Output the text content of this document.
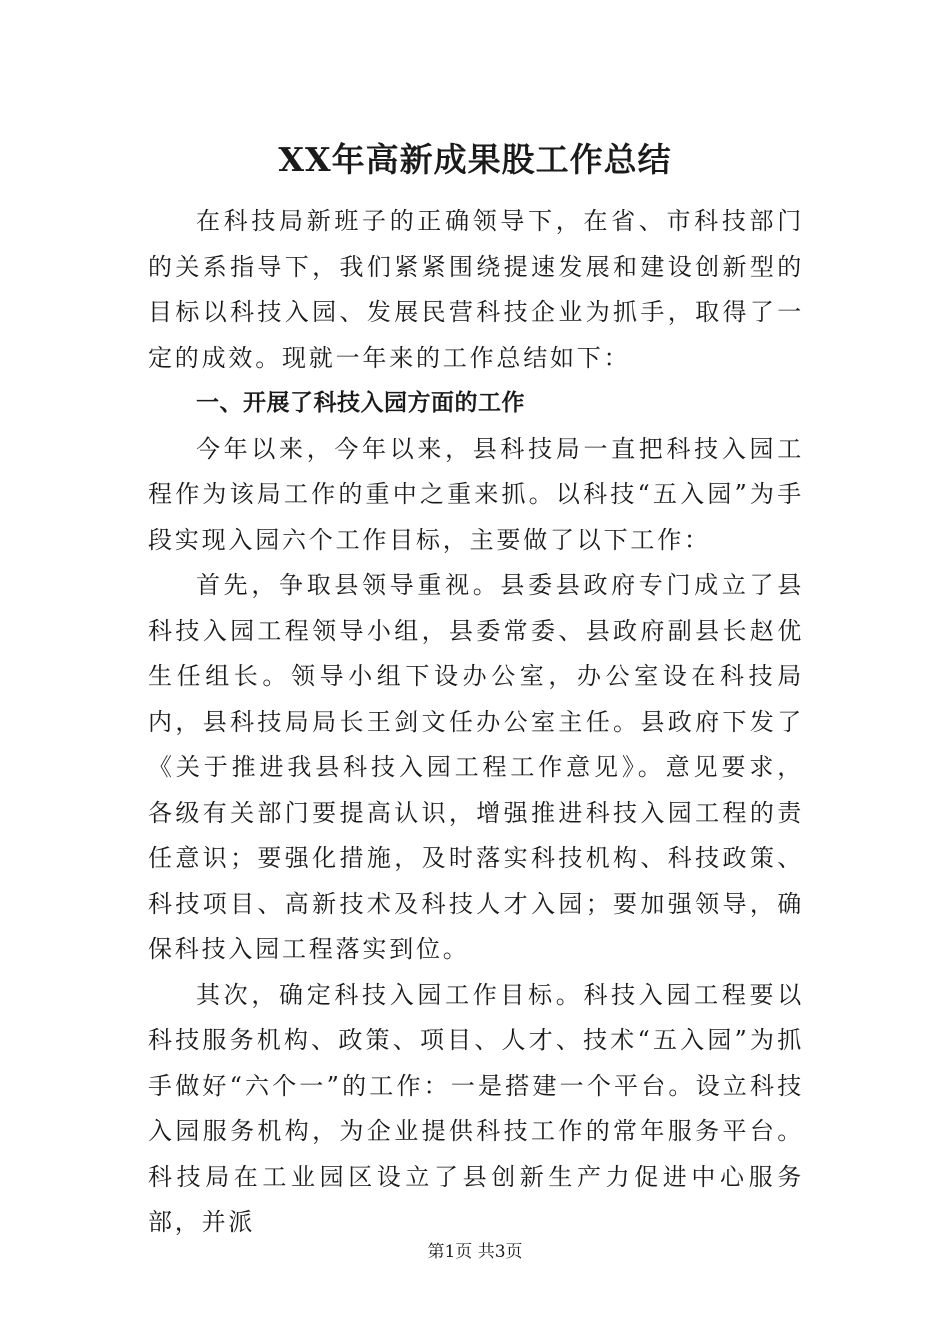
XX年高新成果股工作总结

在科技局新班子的正确领导下，在省、市科技部门的关系指导下，我们紧紧围绕提速发展和建设创新型的目标以科技入园、发展民营科技企业为抓手，取得了一定的成效。现就一年来的工作总结如下：

一、开展了科技入园方面的工作

今年以来，今年以来，县科技局一直把科技入园工程作为该局工作的重中之重来抓。以科技“五入园”为手段实现入园六个工作目标，主要做了以下工作：

首先，争取县领导重视。县委县政府专门成立了县科技入园工程领导小组，县委常委、县政府副县长赵优生任组长。领导小组下设办公室，办公室设在科技局内，县科技局局长王剑文任办公室主任。县政府下发了《关于推进我县科技入园工程工作意见》。意见要求，各级有关部门要提高认识，增强推进科技入园工程的责任意识；要强化措施，及时落实科技机构、科技政策、科技项目、高新技术及科技人才入园；要加强领导，确保科技入园工程落实到位。

其次，确定科技入园工作目标。科技入园工程要以科技服务机构、政策、项目、人才、技术“五入园”为抓手做好“六个一”的工作：一是搭建一个平台。设立科技入园服务机构，为企业提供科技工作的常年服务平台。科技局在工业园区设立了县创新生产力促进中心服务部，并派

第1页 共3页
